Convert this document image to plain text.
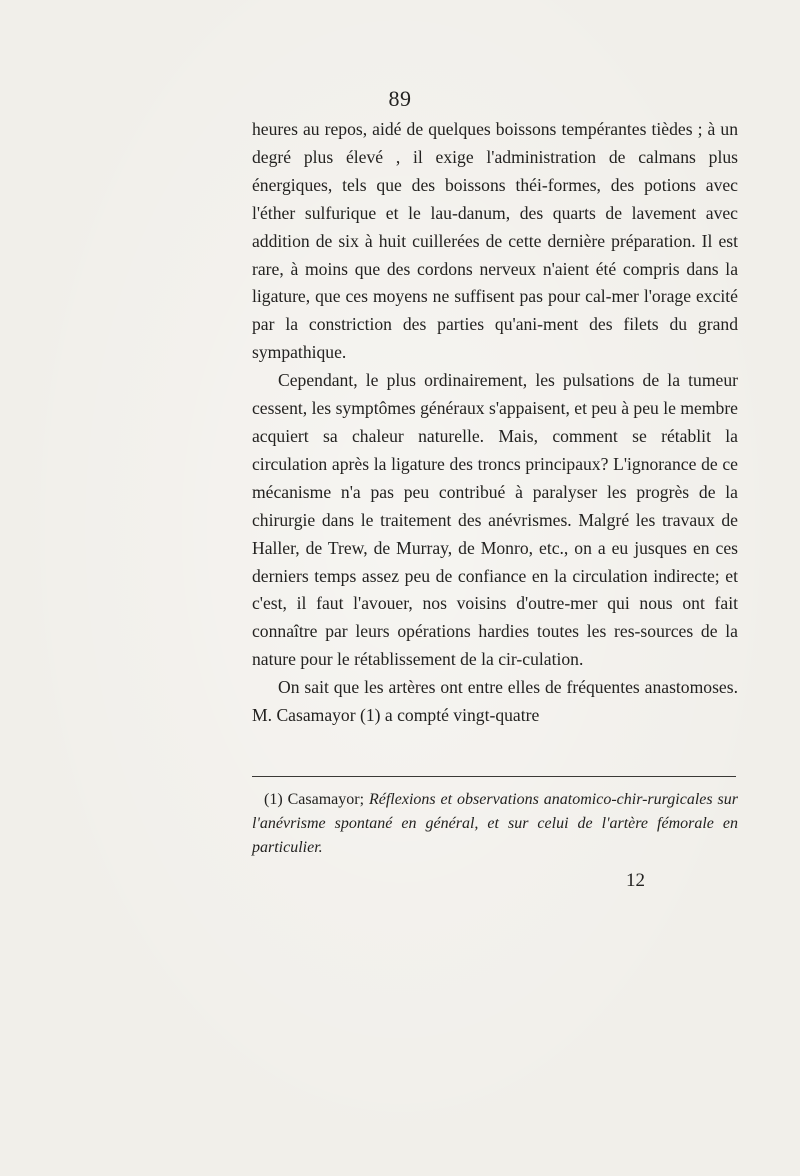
89

heures au repos, aidé de quelques boissons tempérantes tièdes ; à un degré plus élevé , il exige l'administration de calmans plus énergiques, tels que des boissons théi-formes, des potions avec l'éther sulfurique et le lau-danum, des quarts de lavement avec addition de six à huit cuillerées de cette dernière préparation. Il est rare, à moins que des cordons nerveux n'aient été compris dans la ligature, que ces moyens ne suffisent pas pour cal-mer l'orage excité par la constriction des parties qu'ani-ment des filets du grand sympathique.

Cependant, le plus ordinairement, les pulsations de la tumeur cessent, les symptômes généraux s'appaisent, et peu à peu le membre acquiert sa chaleur naturelle. Mais, comment se rétablit la circulation après la ligature des troncs principaux? L'ignorance de ce mécanisme n'a pas peu contribué à paralyser les progrès de la chirurgie dans le traitement des anévrismes. Malgré les travaux de Haller, de Trew, de Murray, de Monro, etc., on a eu jusques en ces derniers temps assez peu de confiance en la circulation indirecte; et c'est, il faut l'avouer, nos voisins d'outre-mer qui nous ont fait connaître par leurs opérations hardies toutes les res-sources de la nature pour le rétablissement de la cir-culation.

On sait que les artères ont entre elles de fréquentes anastomoses. M. Casamayor (1) a compté vingt-quatre

(1) Casamayor; Réflexions et observations anatomico-chir-rurgicales sur l'anévrisme spontané en général, et sur celui de l'artère fémorale en particulier.

12
